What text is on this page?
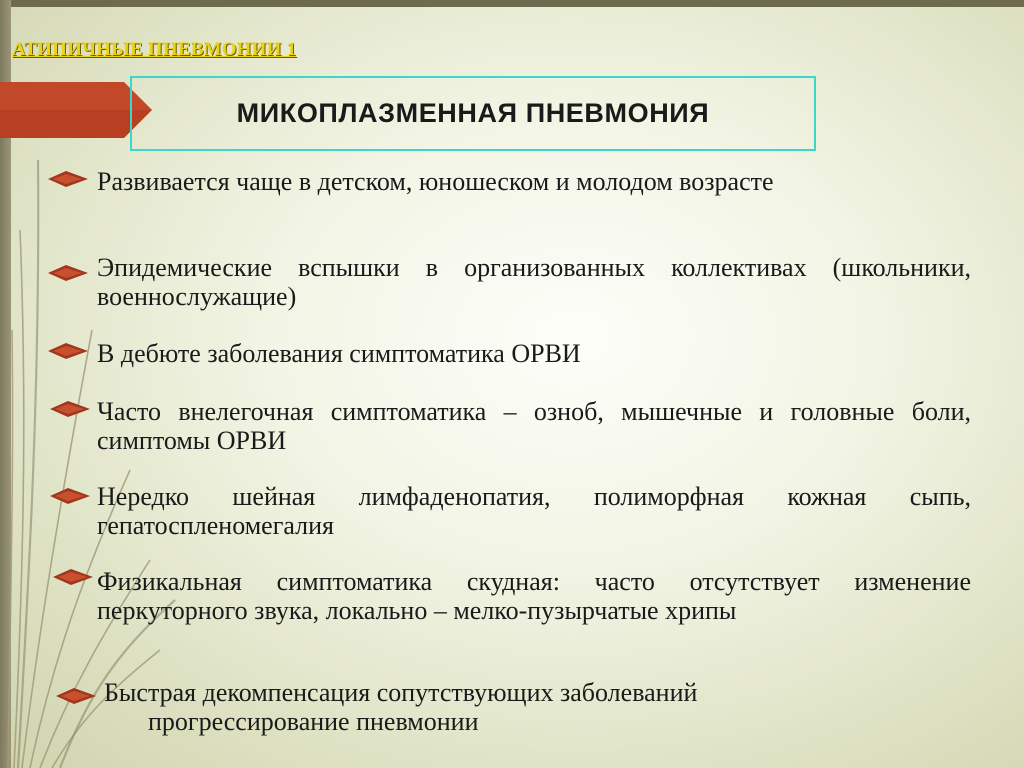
АТИПИЧНЫЕ ПНЕВМОНИИ 1
МИКОПЛАЗМЕННАЯ ПНЕВМОНИЯ
Развивается чаще в детском, юношеском и молодом возрасте
Эпидемические вспышки в организованных коллективах (школьники, военнослужащие)
В дебюте заболевания симптоматика ОРВИ
Часто внелегочная симптоматика – озноб, мышечные и головные боли, симптомы ОРВИ
Нередко шейная лимфаденопатия, полиморфная кожная сыпь, гепатоспленомегалия
Физикальная симптоматика скудная: часто отсутствует изменение перкуторного звука, локально – мелко-пузырчатые хрипы
Быстрая декомпенсация сопутствующих заболеваний
прогрессирование пневмонии
